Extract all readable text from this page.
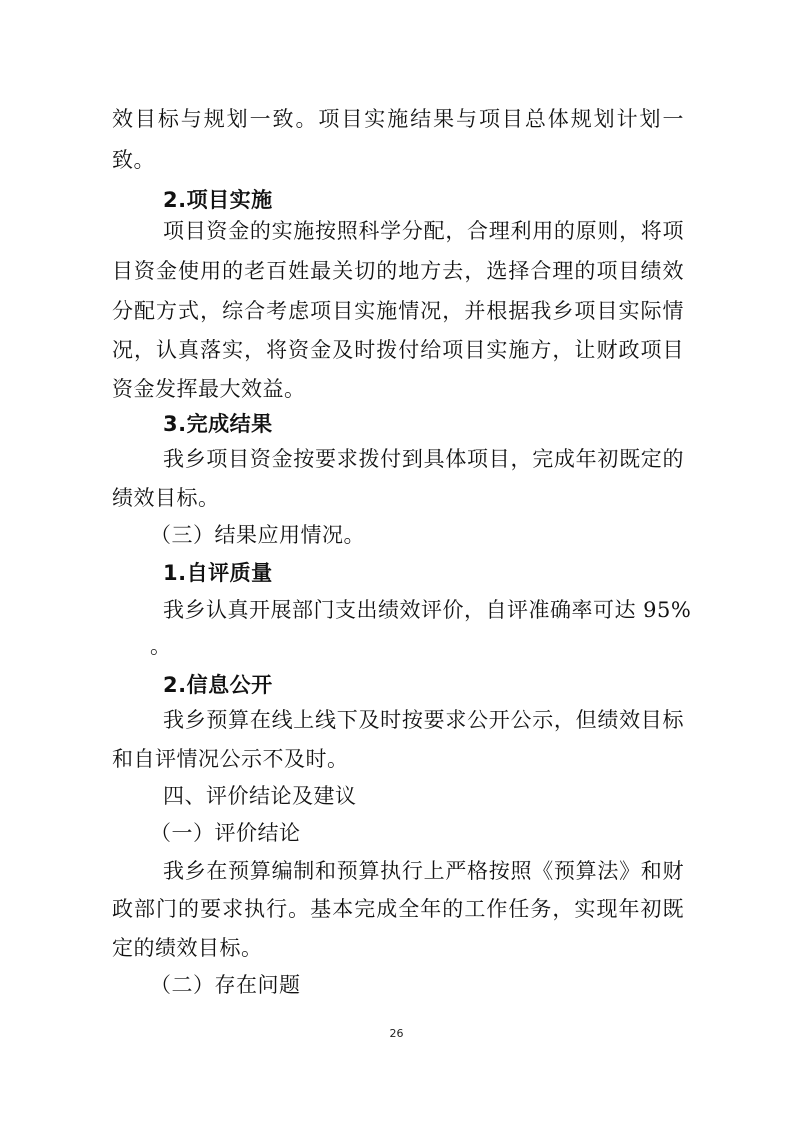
效目标与规划一致。项目实施结果与项目总体规划计划一
致。
2.项目实施
项目资金的实施按照科学分配，合理利用的原则，将项
目资金使用的老百姓最关切的地方去，选择合理的项目绩效
分配方式，综合考虑项目实施情况，并根据我乡项目实际情
况，认真落实，将资金及时拨付给项目实施方，让财政项目
资金发挥最大效益。
3.完成结果
我乡项目资金按要求拨付到具体项目，完成年初既定的
绩效目标。
（三）结果应用情况。
1.自评质量
我乡认真开展部门支出绩效评价，自评准确率可达 95%
。
2.信息公开
我乡预算在线上线下及时按要求公开公示，但绩效目标
和自评情况公示不及时。
四、评价结论及建议
（一）评价结论
我乡在预算编制和预算执行上严格按照《预算法》和财
政部门的要求执行。基本完成全年的工作任务，实现年初既
定的绩效目标。
（二）存在问题
26
